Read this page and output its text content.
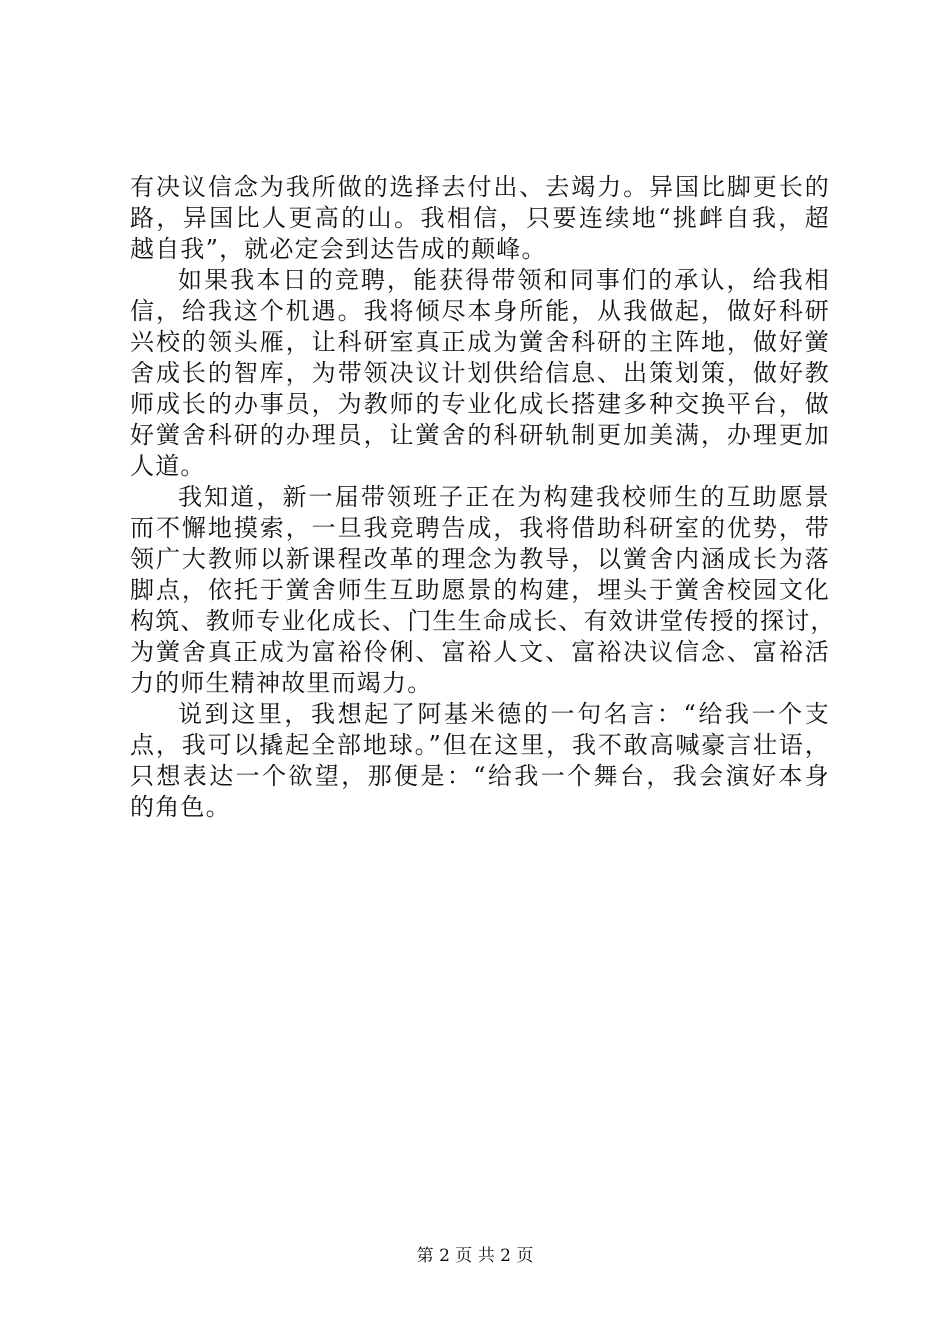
有决议信念为我所做的选择去付出、去竭力。异国比脚更长的
路，异国比人更高的山。我相信，只要连续地“挑衅自我，超
越自我”，就必定会到达告成的颠峰。
如果我本日的竞聘，能获得带领和同事们的承认，给我相
信，给我这个机遇。我将倾尽本身所能，从我做起，做好科研
兴校的领头雁，让科研室真正成为黉舍科研的主阵地，做好黉
舍成长的智库，为带领决议计划供给信息、出策划策，做好教
师成长的办事员，为教师的专业化成长搭建多种交换平台，做
好黉舍科研的办理员，让黉舍的科研轨制更加美满，办理更加
人道。
我知道，新一届带领班子正在为构建我校师生的互助愿景
而不懈地摸索，一旦我竞聘告成，我将借助科研室的优势，带
领广大教师以新课程改革的理念为教导，以黉舍内涵成长为落
脚点，依托于黉舍师生互助愿景的构建，埋头于黉舍校园文化
构筑、教师专业化成长、门生生命成长、有效讲堂传授的探讨，
为黉舍真正成为富裕伶俐、富裕人文、富裕决议信念、富裕活
力的师生精神故里而竭力。
说到这里，我想起了阿基米德的一句名言：“给我一个支
点，我可以撬起全部地球。”但在这里，我不敢高喊豪言壮语，
只想表达一个欲望，那便是：“给我一个舞台，我会演好本身
的角色。
第 2 页 共 2 页
